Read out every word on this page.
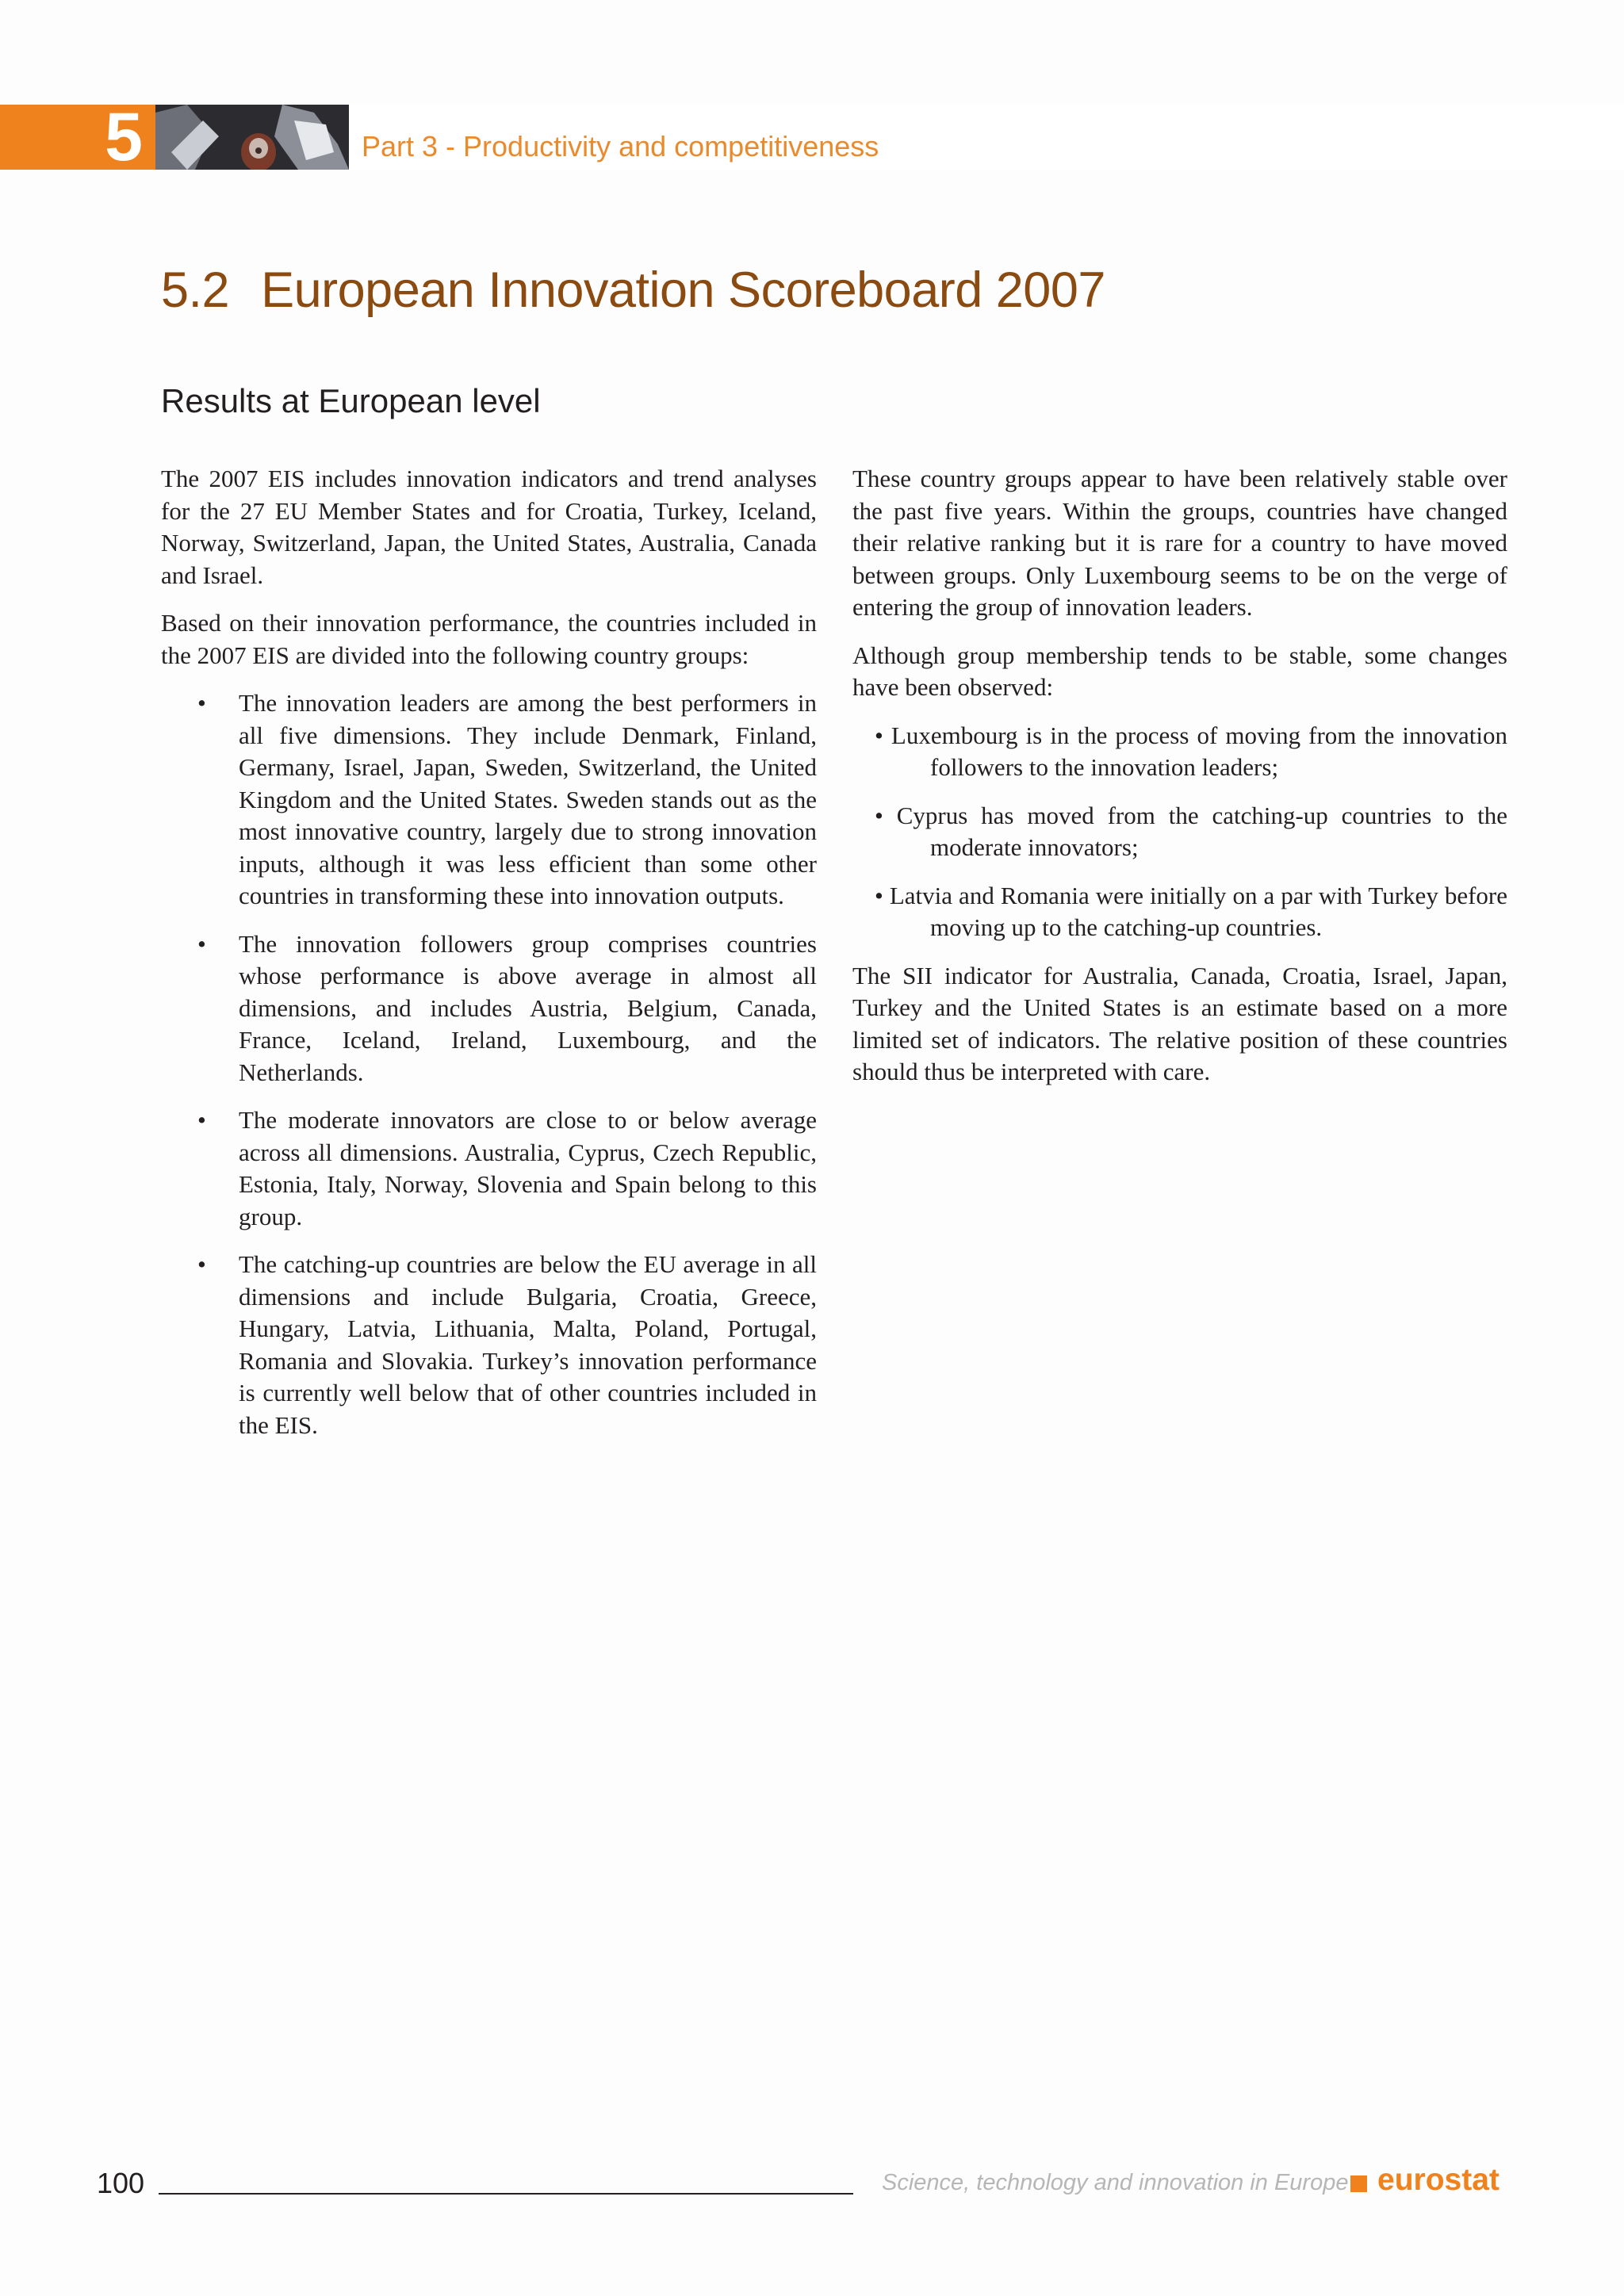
5	Part 3 - Productivity and competitiveness
5.2 European Innovation Scoreboard 2007
Results at European level

The 2007 EIS includes innovation indicators and trend analyses for the 27 EU Member States and for Croatia, Turkey, Iceland, Norway, Switzerland, Japan, the United States, Australia, Canada and Israel.

Based on their innovation performance, the countries included in the 2007 EIS are divided into the following country groups:

• The innovation leaders are among the best performers in all five dimensions. They include Denmark, Finland, Germany, Israel, Japan, Sweden, Switzerland, the United Kingdom and the United States. Sweden stands out as the most innovative country, largely due to strong innovation inputs, although it was less efficient than some other countries in transforming these into innovation outputs.
• The innovation followers group comprises countries whose performance is above average in almost all dimensions, and includes Austria, Belgium, Canada, France, Iceland, Ireland, Luxembourg, and the Netherlands.
• The moderate innovators are close to or below average across all dimensions. Australia, Cyprus, Czech Republic, Estonia, Italy, Norway, Slovenia and Spain belong to this group.
• The catching-up countries are below the EU average in all dimensions and include Bulgaria, Croatia, Greece, Hungary, Latvia, Lithuania, Malta, Poland, Portugal, Romania and Slovakia. Turkey’s innovation performance is currently well below that of other countries included in the EIS.

These country groups appear to have been relatively stable over the past five years. Within the groups, countries have changed their relative ranking but it is rare for a country to have moved between groups. Only Luxembourg seems to be on the verge of entering the group of innovation leaders.

Although group membership tends to be stable, some changes have been observed:

• Luxembourg is in the process of moving from the innovation followers to the innovation leaders;
• Cyprus has moved from the catching-up countries to the moderate innovators;
• Latvia and Romania were initially on a par with Turkey before moving up to the catching-up countries.

The SII indicator for Australia, Canada, Croatia, Israel, Japan, Turkey and the United States is an estimate based on a more limited set of indicators. The relative position of these countries should thus be interpreted with care.

100	Science, technology and innovation in Europe eurostat
